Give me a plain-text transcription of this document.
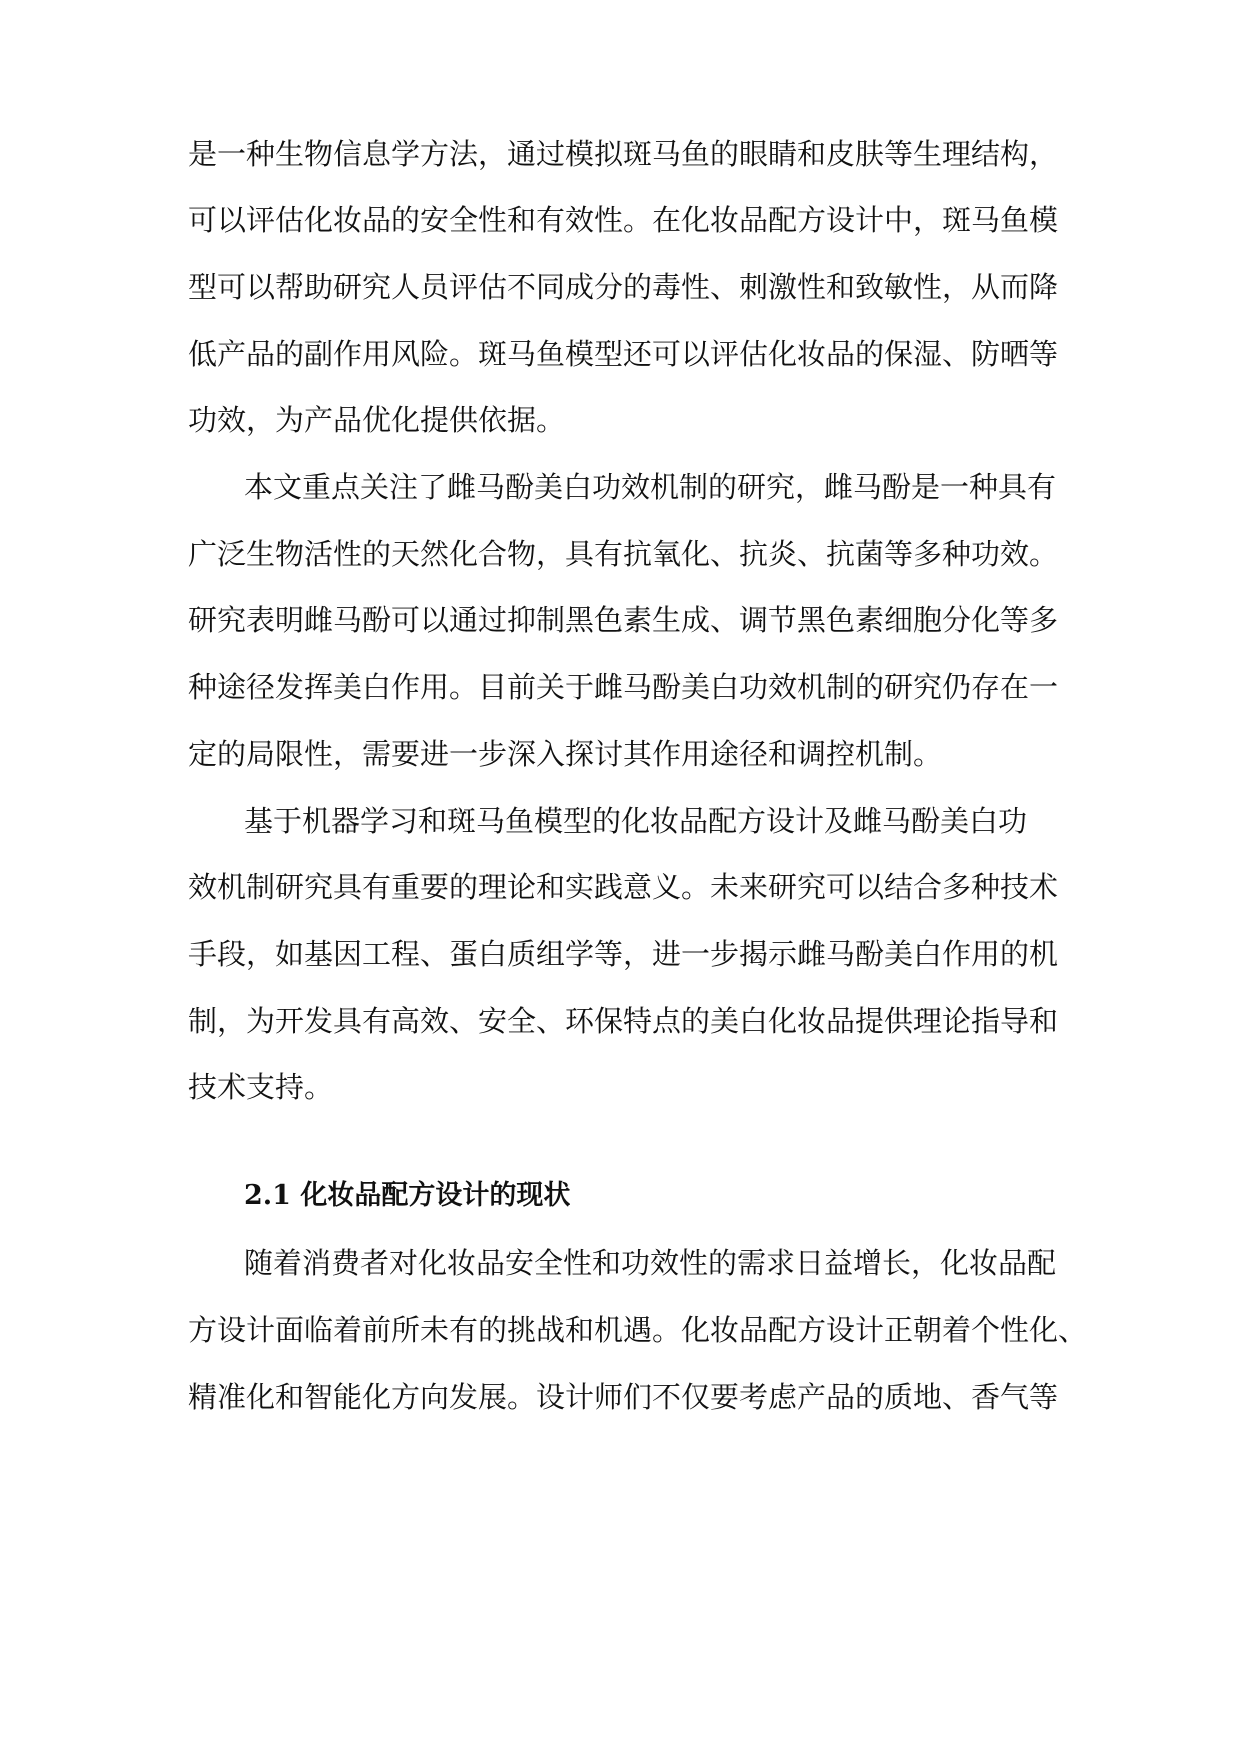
是一种生物信息学方法，通过模拟斑马鱼的眼睛和皮肤等生理结构，
可以评估化妆品的安全性和有效性。在化妆品配方设计中，斑马鱼模
型可以帮助研究人员评估不同成分的毒性、刺激性和致敏性，从而降
低产品的副作用风险。斑马鱼模型还可以评估化妆品的保湿、防晒等
功效，为产品优化提供依据。
本文重点关注了雌马酚美白功效机制的研究，雌马酚是一种具有
广泛生物活性的天然化合物，具有抗氧化、抗炎、抗菌等多种功效。
研究表明雌马酚可以通过抑制黑色素生成、调节黑色素细胞分化等多
种途径发挥美白作用。目前关于雌马酚美白功效机制的研究仍存在一
定的局限性，需要进一步深入探讨其作用途径和调控机制。
基于机器学习和斑马鱼模型的化妆品配方设计及雌马酚美白功
效机制研究具有重要的理论和实践意义。未来研究可以结合多种技术
手段，如基因工程、蛋白质组学等，进一步揭示雌马酚美白作用的机
制，为开发具有高效、安全、环保特点的美白化妆品提供理论指导和
技术支持。
2.1 化妆品配方设计的现状
随着消费者对化妆品安全性和功效性的需求日益增长，化妆品配
方设计面临着前所未有的挑战和机遇。化妆品配方设计正朝着个性化、
精准化和智能化方向发展。设计师们不仅要考虑产品的质地、香气等
